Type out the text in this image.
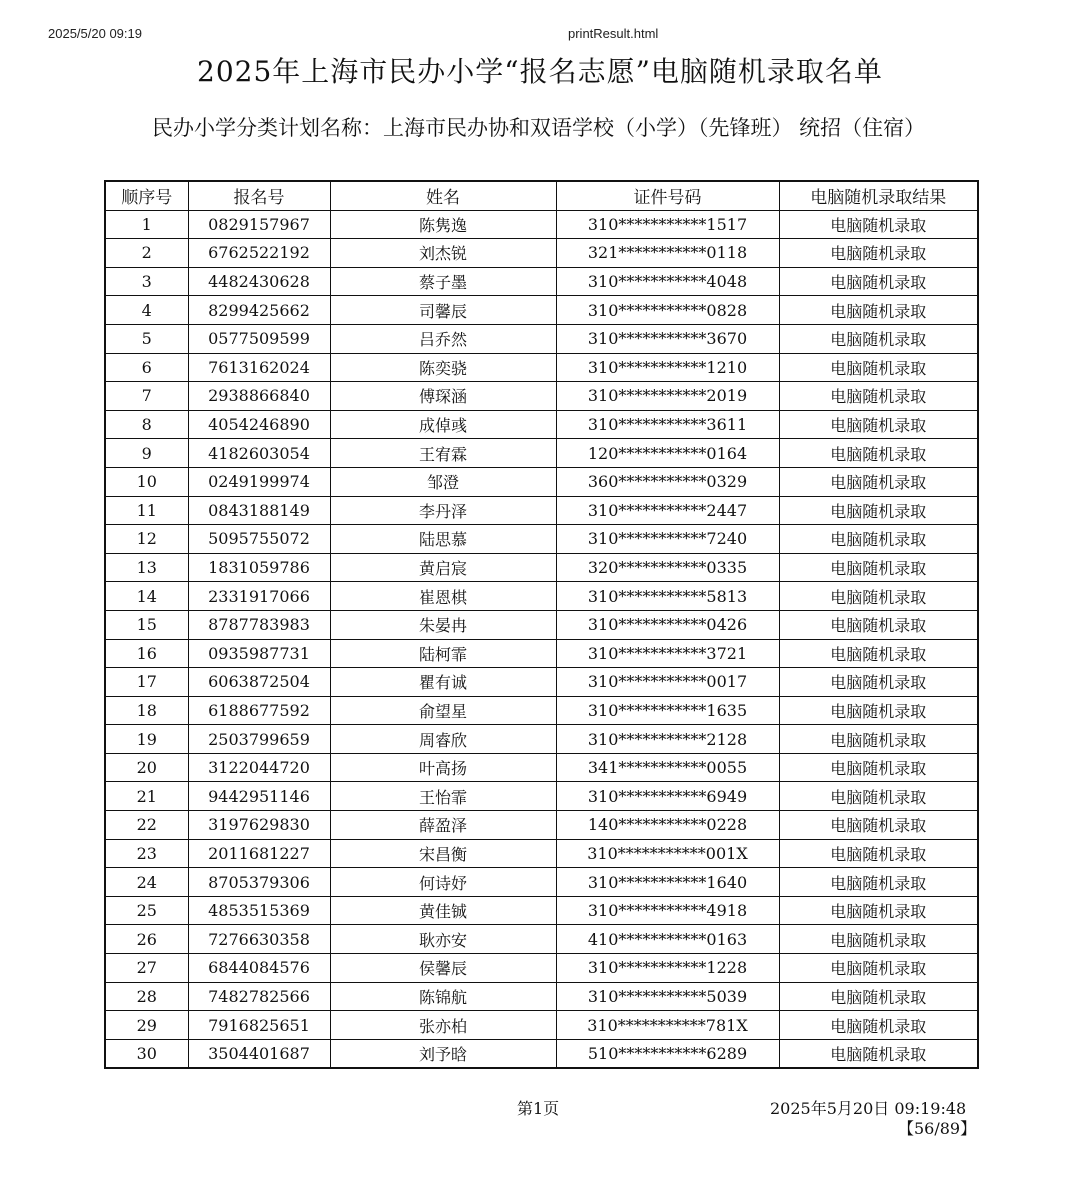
2025/5/20 09:19	printResult.html
2025年上海市民办小学“报名志愿”电脑随机录取名单
民办小学分类计划名称：上海市民办协和双语学校（小学）（先锋班） 统招（住宿）
顺序号	报名号	姓名	证件号码	电脑随机录取结果
1	0829157967	陈隽逸	310***********1517	电脑随机录取
2	6762522192	刘杰锐	321***********0118	电脑随机录取
3	4482430628	蔡子墨	310***********4048	电脑随机录取
4	8299425662	司馨辰	310***********0828	电脑随机录取
5	0577509599	吕乔然	310***********3670	电脑随机录取
6	7613162024	陈奕骁	310***********1210	电脑随机录取
7	2938866840	傅琛涵	310***********2019	电脑随机录取
8	4054246890	成倬彧	310***********3611	电脑随机录取
9	4182603054	王宥霖	120***********0164	电脑随机录取
10	0249199974	邹澄	360***********0329	电脑随机录取
11	0843188149	李丹泽	310***********2447	电脑随机录取
12	5095755072	陆思慕	310***********7240	电脑随机录取
13	1831059786	黄启宸	320***********0335	电脑随机录取
14	2331917066	崔恩棋	310***********5813	电脑随机录取
15	8787783983	朱晏冉	310***********0426	电脑随机录取
16	0935987731	陆柯霏	310***********3721	电脑随机录取
17	6063872504	瞿有诚	310***********0017	电脑随机录取
18	6188677592	俞望星	310***********1635	电脑随机录取
19	2503799659	周睿欣	310***********2128	电脑随机录取
20	3122044720	叶高扬	341***********0055	电脑随机录取
21	9442951146	王怡霏	310***********6949	电脑随机录取
22	3197629830	薛盈泽	140***********0228	电脑随机录取
23	2011681227	宋昌衡	310***********001X	电脑随机录取
24	8705379306	何诗妤	310***********1640	电脑随机录取
25	4853515369	黄佳铖	310***********4918	电脑随机录取
26	7276630358	耿亦安	410***********0163	电脑随机录取
27	6844084576	侯馨辰	310***********1228	电脑随机录取
28	7482782566	陈锦航	310***********5039	电脑随机录取
29	7916825651	张亦柏	310***********781X	电脑随机录取
30	3504401687	刘予晗	510***********6289	电脑随机录取
第1页	2025年5月20日 09:19:48
【56/89】
